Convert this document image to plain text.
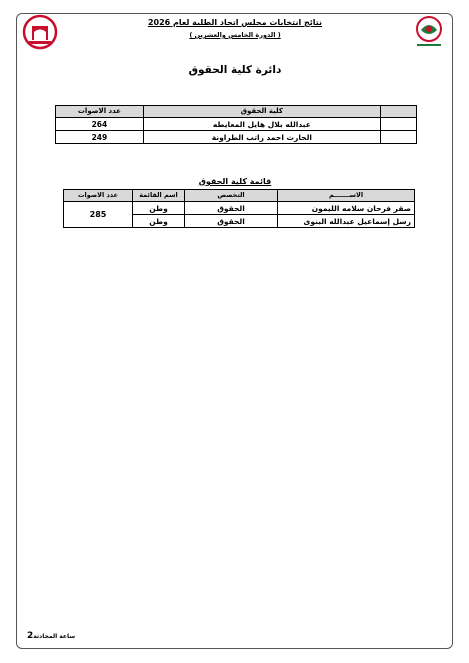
نتائج انتخابات مجلس اتحاد الطلبة لعام 2026
( الدورة الخامس والعشرين )
دائرة كلية الحقوق
عدد الاصوات	كلية الحقوق	
264	عبدالله بلال هايل المعايطه	
249	الحارث احمد راتب الطراونة	
قائمة كلية الحقوق
عدد الاصوات	اسم القائمة	التخصص	الاســـــــم
285	وطن	الحقوق	صقر فرحان سلامه الليمون
	وطن	الحقوق	رسل إسماعيل عبدالله البنوى
ساعة المحادثة2
